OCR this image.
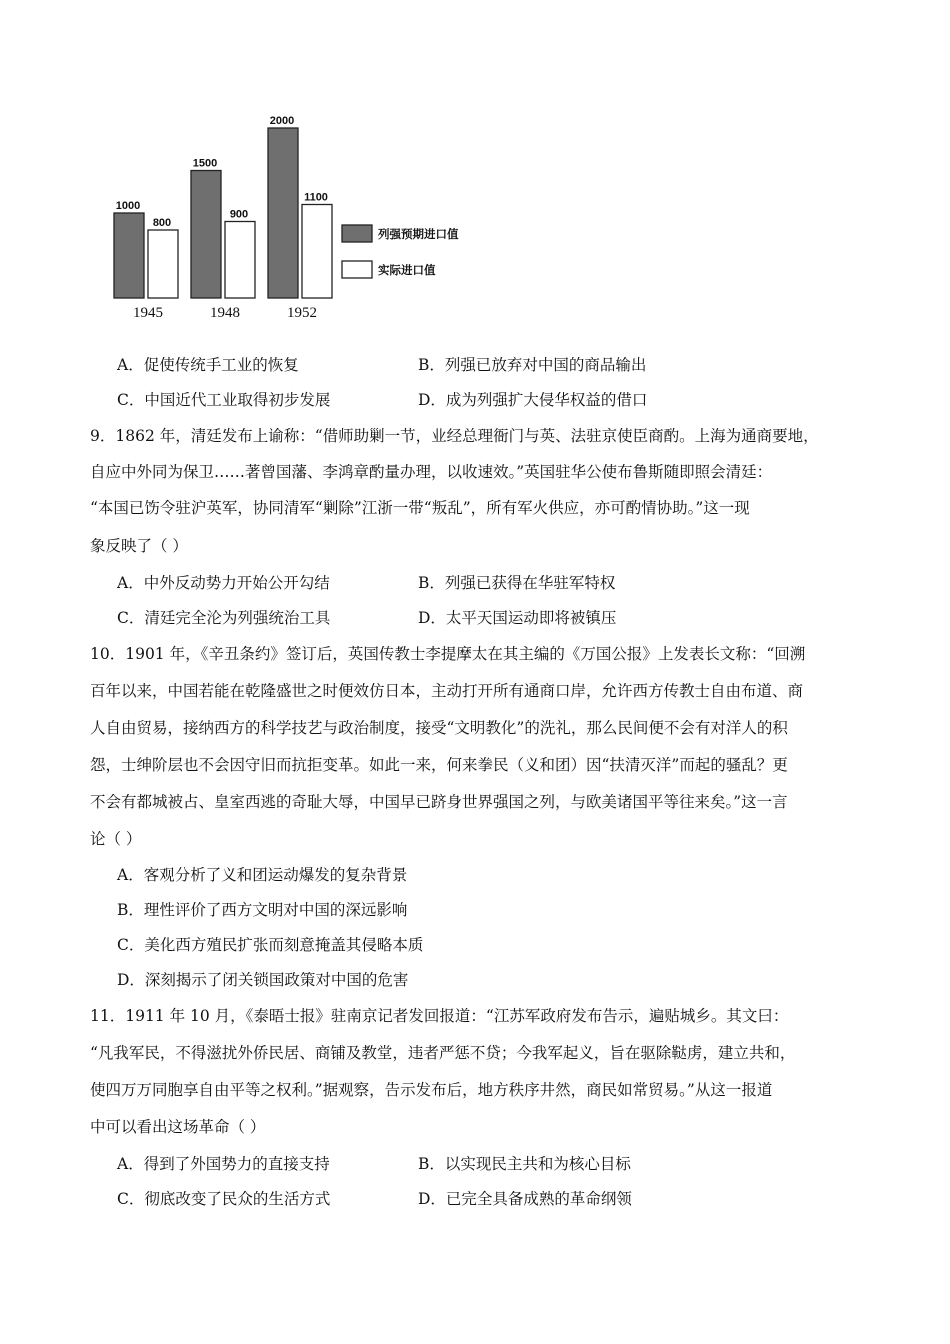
1000
800
1945
1500
900
1948
2000
1100
1952
列强预期进口值
实际进口值
A．促使传统手工业的恢复	B．列强已放弃对中国的商品输出
C．中国近代工业取得初步发展	D．成为列强扩大侵华权益的借口
9．1862 年，清廷发布上谕称：“借师助剿一节，业经总理衙门与英、法驻京使臣商酌。上海为通商要地，
自应中外同为保卫……著曾国藩、李鸿章酌量办理，以收速效。”英国驻华公使布鲁斯随即照会清廷：
“本国已饬令驻沪英军，协同清军“剿除”江浙一带“叛乱”，所有军火供应，亦可酌情协助。”这一现
象反映了（ ）
A．中外反动势力开始公开勾结	B．列强已获得在华驻军特权
C．清廷完全沦为列强统治工具	D．太平天国运动即将被镇压
10．1901 年，《辛丑条约》签订后，英国传教士李提摩太在其主编的《万国公报》上发表长文称：“回溯
百年以来，中国若能在乾隆盛世之时便效仿日本，主动打开所有通商口岸，允许西方传教士自由布道、商
人自由贸易，接纳西方的科学技艺与政治制度，接受“文明教化”的洗礼，那么民间便不会有对洋人的积
怨，士绅阶层也不会因守旧而抗拒变革。如此一来，何来拳民（义和团）因“扶清灭洋”而起的骚乱？更
不会有都城被占、皇室西逃的奇耻大辱，中国早已跻身世界强国之列，与欧美诸国平等往来矣。”这一言
论（ ）
A．客观分析了义和团运动爆发的复杂背景
B．理性评价了西方文明对中国的深远影响
C．美化西方殖民扩张而刻意掩盖其侵略本质
D．深刻揭示了闭关锁国政策对中国的危害
11．1911 年 10 月，《泰晤士报》驻南京记者发回报道：“江苏军政府发布告示，遍贴城乡。其文曰：
“凡我军民，不得滋扰外侨民居、商铺及教堂，违者严惩不贷；今我军起义，旨在驱除鞑虏，建立共和，
使四万万同胞享自由平等之权利。”据观察，告示发布后，地方秩序井然，商民如常贸易。”从这一报道
中可以看出这场革命（ ）
A．得到了外国势力的直接支持	B．以实现民主共和为核心目标
C．彻底改变了民众的生活方式	D．已完全具备成熟的革命纲领
